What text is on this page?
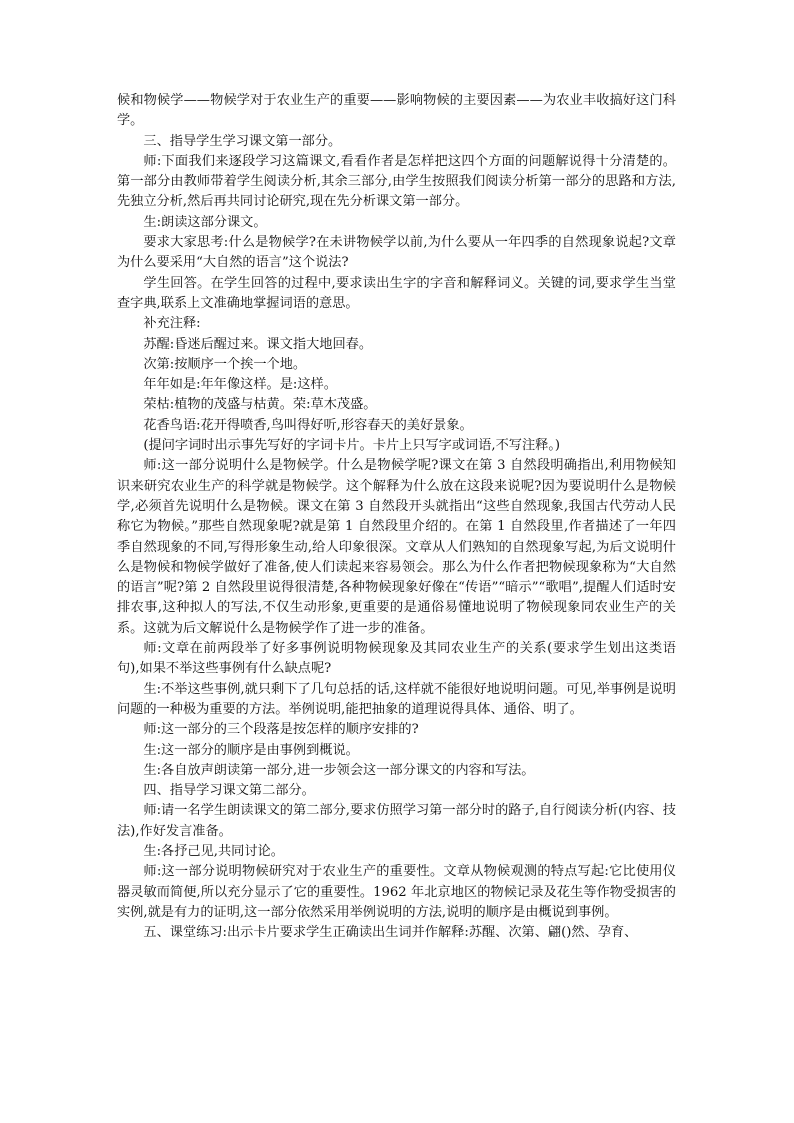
候和物候学——物候学对于农业生产的重要——影响物候的主要因素——为农业丰收搞好这门科学。

三、指导学生学习课文第一部分。

师:下面我们来逐段学习这篇课文,看看作者是怎样把这四个方面的问题解说得十分清楚的。第一部分由教师带着学生阅读分析,其余三部分,由学生按照我们阅读分析第一部分的思路和方法,先独立分析,然后再共同讨论研究,现在先分析课文第一部分。

生:朗读这部分课文。

要求大家思考:什么是物候学?在未讲物候学以前,为什么要从一年四季的自然现象说起?文章为什么要采用“大自然的语言”这个说法?

学生回答。在学生回答的过程中,要求读出生字的字音和解释词义。关键的词,要求学生当堂查字典,联系上文准确地掌握词语的意思。

补充注释:

苏醒:昏迷后醒过来。课文指大地回春。

次第:按顺序一个挨一个地。

年年如是:年年像这样。是:这样。

荣枯:植物的茂盛与枯黄。荣:草木茂盛。

花香鸟语:花开得喷香,鸟叫得好听,形容春天的美好景象。

(提问字词时出示事先写好的字词卡片。卡片上只写字或词语,不写注释。)

师:这一部分说明什么是物候学。什么是物候学呢?课文在第 3 自然段明确指出,利用物候知识来研究农业生产的科学就是物候学。这个解释为什么放在这段来说呢?因为要说明什么是物候学,必须首先说明什么是物候。课文在第 3 自然段开头就指出“这些自然现象,我国古代劳动人民称它为物候。”那些自然现象呢?就是第 1 自然段里介绍的。在第 1 自然段里,作者描述了一年四季自然现象的不同,写得形象生动,给人印象很深。文章从人们熟知的自然现象写起,为后文说明什么是物候和物候学做好了准备,使人们读起来容易领会。那么为什么作者把物候现象称为“大自然的语言”呢?第 2 自然段里说得很清楚,各种物候现象好像在“传语”“暗示”“歌唱”,提醒人们适时安排农事,这种拟人的写法,不仅生动形象,更重要的是通俗易懂地说明了物候现象同农业生产的关系。这就为后文解说什么是物候学作了进一步的准备。

师:文章在前两段举了好多事例说明物候现象及其同农业生产的关系(要求学生划出这类语句),如果不举这些事例有什么缺点呢?

生:不举这些事例,就只剩下了几句总括的话,这样就不能很好地说明问题。可见,举事例是说明问题的一种极为重要的方法。举例说明,能把抽象的道理说得具体、通俗、明了。

师:这一部分的三个段落是按怎样的顺序安排的?

生:这一部分的顺序是由事例到概说。

生:各自放声朗读第一部分,进一步领会这一部分课文的内容和写法。

四、指导学习课文第二部分。

师:请一名学生朗读课文的第二部分,要求仿照学习第一部分时的路子,自行阅读分析(内容、技法),作好发言准备。

生:各抒己见,共同讨论。

师:这一部分说明物候研究对于农业生产的重要性。文章从物候观测的特点写起:它比使用仪器灵敏而简便,所以充分显示了它的重要性。1962 年北京地区的物候记录及花生等作物受损害的实例,就是有力的证明,这一部分依然采用举例说明的方法,说明的顺序是由概说到事例。

五、课堂练习:出示卡片要求学生正确读出生词并作解释:苏醒、次第、翩()然、孕育、
